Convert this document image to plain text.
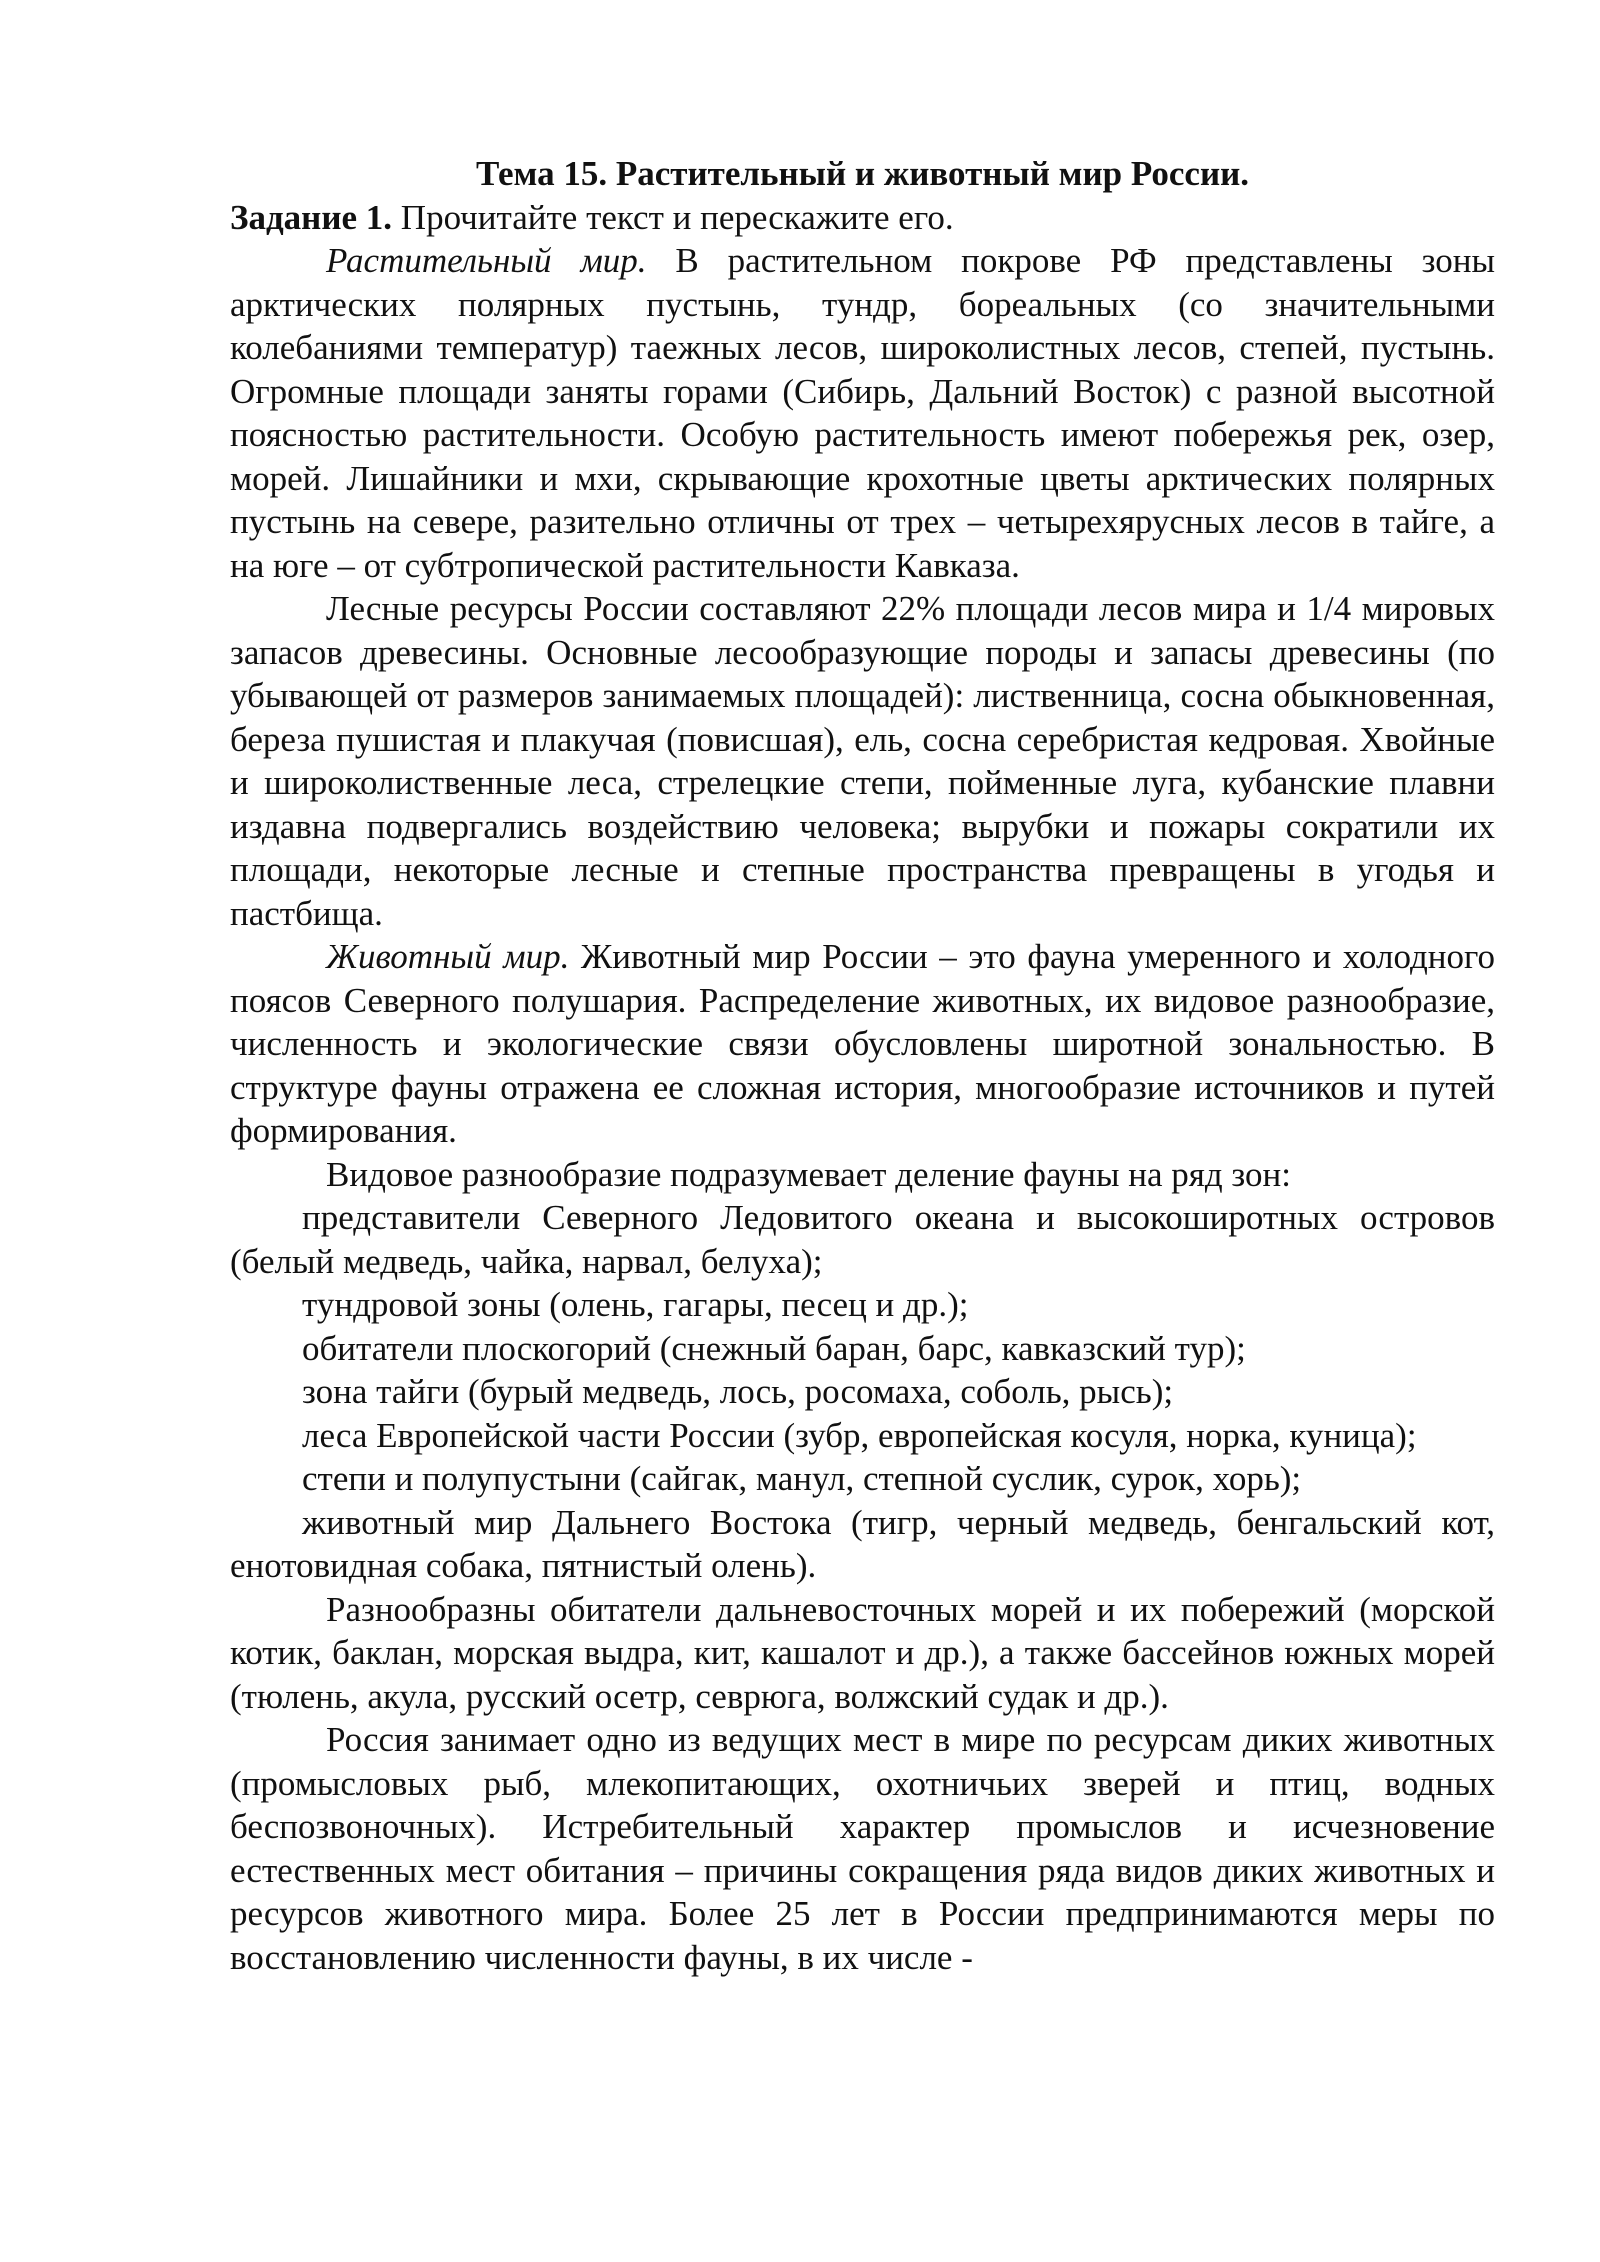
Тема 15. Растительный и животный мир России.

Задание 1. Прочитайте текст и перескажите его.

Растительный мир. В растительном покрове РФ представлены зоны арктических полярных пустынь, тундр, бореальных (со значительными колебаниями температур) таежных лесов, широколистных лесов, степей, пустынь. Огромные площади заняты горами (Сибирь, Дальний Восток) с разной высотной поясностью растительности. Особую растительность имеют побережья рек, озер, морей. Лишайники и мхи, скрывающие крохотные цветы арктических полярных пустынь на севере, разительно отличны от трех – четырехярусных лесов в тайге, а на юге – от субтропической растительности Кавказа.

Лесные ресурсы России составляют 22% площади лесов мира и 1/4 мировых запасов древесины. Основные лесообразующие породы и запасы древесины (по убывающей от размеров занимаемых площадей): лиственница, сосна обыкновенная, береза пушистая и плакучая (повисшая), ель, сосна серебристая кедровая. Хвойные и широколиственные леса, стрелецкие степи, пойменные луга, кубанские плавни издавна подвергались воздействию человека; вырубки и пожары сократили их площади, некоторые лесные и степные пространства превращены в угодья и пастбища.

Животный мир. Животный мир России – это фауна умеренного и холодного поясов Северного полушария. Распределение животных, их видовое разнообразие, численность и экологические связи обусловлены широтной зональностью. В структуре фауны отражена ее сложная история, многообразие источников и путей формирования.

Видовое разнообразие подразумевает деление фауны на ряд зон:

представители Северного Ледовитого океана и высокоширотных островов (белый медведь, чайка, нарвал, белуха);

тундровой зоны (олень, гагары, песец и др.);

обитатели плоскогорий (снежный баран, барс, кавказский тур);

зона тайги (бурый медведь, лось, росомаха, соболь, рысь);

леса Европейской части России (зубр, европейская косуля, норка, куница);

степи и полупустыни (сайгак, манул, степной суслик, сурок, хорь);

животный мир Дальнего Востока (тигр, черный медведь, бенгальский кот, енотовидная собака, пятнистый олень).

Разнообразны обитатели дальневосточных морей и их побережий (морской котик, баклан, морская выдра, кит, кашалот и др.), а также бассейнов южных морей (тюлень, акула, русский осетр, севрюга, волжский судак и др.).

Россия занимает одно из ведущих мест в мире по ресурсам диких животных (промысловых рыб, млекопитающих, охотничьих зверей и птиц, водных беспозвоночных). Истребительный характер промыслов и исчезновение естественных мест обитания – причины сокращения ряда видов диких животных и ресурсов животного мира. Более 25 лет в России предпринимаются меры по восстановлению численности фауны, в их числе -
